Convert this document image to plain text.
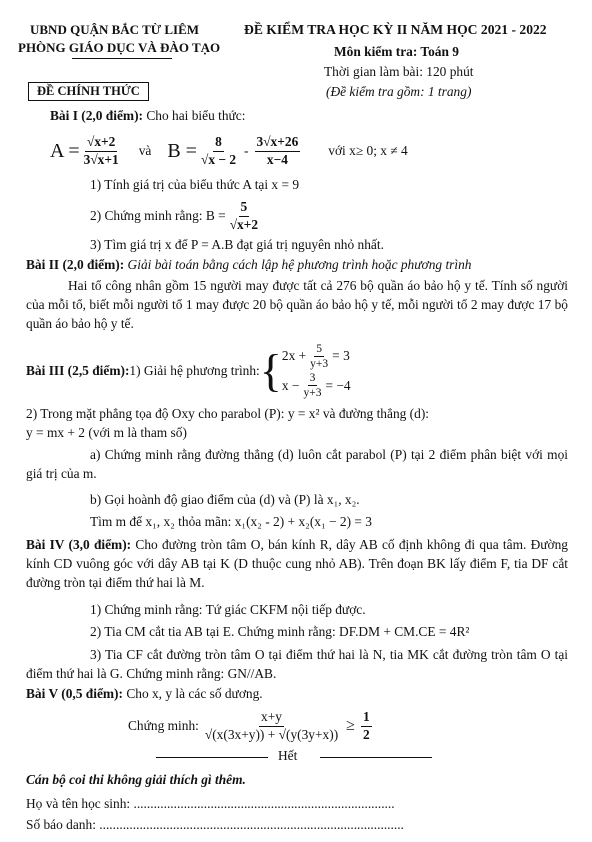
UBND QUẬN BẮC TỪ LIÊM
PHÒNG GIÁO DỤC VÀ ĐÀO TẠO
ĐỀ CHÍNH THỨC
ĐỀ KIỂM TRA HỌC KỲ II NĂM HỌC 2021 - 2022
Môn kiểm tra: Toán 9
Thời gian làm bài: 120 phút
(Đề kiểm tra gồm: 1 trang)
Bài I (2,0 điểm): Cho hai biểu thức:
$A = \frac{√x+2}{3√x+1}$ và $B = \frac{8}{√x - 2} - \frac{3√x+26}{x-4}$ với x≥ 0; x ≠ 4
1) Tính giá trị của biểu thức A tại x = 9
2) Chứng minh rằng: $B = \frac{5}{√x+2}$
3) Tìm giá trị x để P = A.B đạt giá trị nguyên nhỏ nhất.
Bài II (2,0 điểm): Giải bài toán bằng cách lập hệ phương trình hoặc phương trình
Hai tổ công nhân gồm 15 người may được tất cả 276 bộ quần áo bảo hộ y tế. Tính số người của mỗi tổ, biết mỗi người tổ 1 may được 20 bộ quần áo bảo hộ y tế, mỗi người tổ 2 may được 17 bộ quần áo bảo hộ y tế.
Bài III (2,5 điểm): 1) Giải hệ phương trình: { $2x + \frac{5}{y+3} = 3$
$x - \frac{3}{y+3} = -4$
2) Trong mặt phẳng tọa độ Oxy cho parabol (P): y = x² và đường thẳng (d):
y = mx + 2 (với m là tham số)
a) Chứng minh rằng đường thẳng (d) luôn cắt parabol (P) tại 2 điểm phân biệt với mọi giá trị của m.
b) Gọi hoành độ giao điểm của (d) và (P) là x₁, x₂.
Tìm m để x₁, x₂ thỏa mãn: x₁(x₂ - 2) + x₂(x₁ − 2) = 3
Bài IV (3,0 điểm): Cho đường tròn tâm O, bán kính R, dây AB cố định không đi qua tâm. Đường kính CD vuông góc với dây AB tại K (D thuộc cung nhỏ AB). Trên đoạn BK lấy điểm F, tia DF cắt đường tròn tại điểm thứ hai là M.
1) Chứng minh rằng: Tứ giác CKFM nội tiếp được.
2) Tia CM cắt tia AB tại E. Chứng minh rằng: DF.DM + CM.CE = 4R²
3) Tia CF cắt đường tròn tâm O tại điểm thứ hai là N, tia MK cắt đường tròn tâm O tại điểm thứ hai là G. Chứng minh rằng: GN//AB.
Bài V (0,5 điểm): Cho x, y là các số dương.
Chứng minh: $\frac{x+y}{√(x(3x+y)) + √(y(3y+x))} \ge \frac{1}{2}$
Hết
Cán bộ coi thi không giải thích gì thêm.
Họ và tên học sinh: ..............................................................................
Số báo danh: ...........................................................................................
